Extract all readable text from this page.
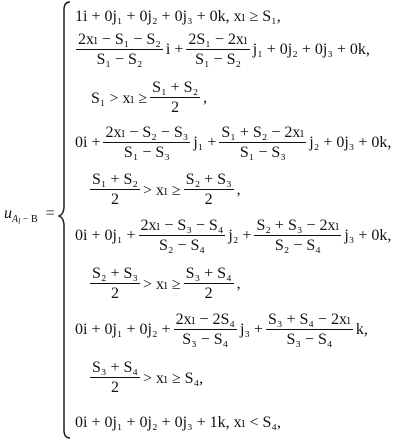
$u_{A_l - B}$ =
1i + 0j₁ + 0j₂ + 0j₃ + 0k, xₗ ≥ S₁,
$\frac{\text{2xₗ − S₁ − S₂}}{\text{S₁ − S₂}}$ $i + \frac{\text{2S₁ − 2xₗ}}{\text{S₁ − S₂}} j_1 + 0j_2 + 0j_3 + 0k$,
$S_1 > x_l \ge \frac{\text{S₁ + S₂}}{2}$ ,
$0i + \frac{\text{2xₗ − S₂ − S₃}}{\text{S₁ − S₃}} j_1 + \frac{\text{S₁ + S₂ − 2xₗ}}{\text{S₁ − S₃}} j_2 + 0j_3 + 0k$,
$\frac{\text{S₁ + S₂}}{2} > x_l \ge \frac{\text{S₂ + S₃}}{2}$ ,
$0i + 0j_1 + \frac{\text{2xₗ − S₃ − S₄}}{\text{S₂ − S₄}} j_2 + \frac{\text{S₂ + S₃ − 2xₗ}}{\text{S₂ − S₄}} j_3 + 0k$,
$\frac{\text{S₂ + S₃}}{2} > x_l \ge \frac{\text{S₃ + S₄}}{2}$ ,
$0i + 0j_1 + 0j_2 + \frac{\text{2xₗ − 2S₄}}{\text{S₃ − S₄}} j_3 + \frac{\text{S₃ + S₄ − 2xₗ}}{\text{S₃ − S₄}} k$,
$\frac{\text{S₃ + S₄}}{2} > x_l \ge S_4$,
0i + 0j₁ + 0j₂ + 0j₃ + 1k, xₗ < S₄,
